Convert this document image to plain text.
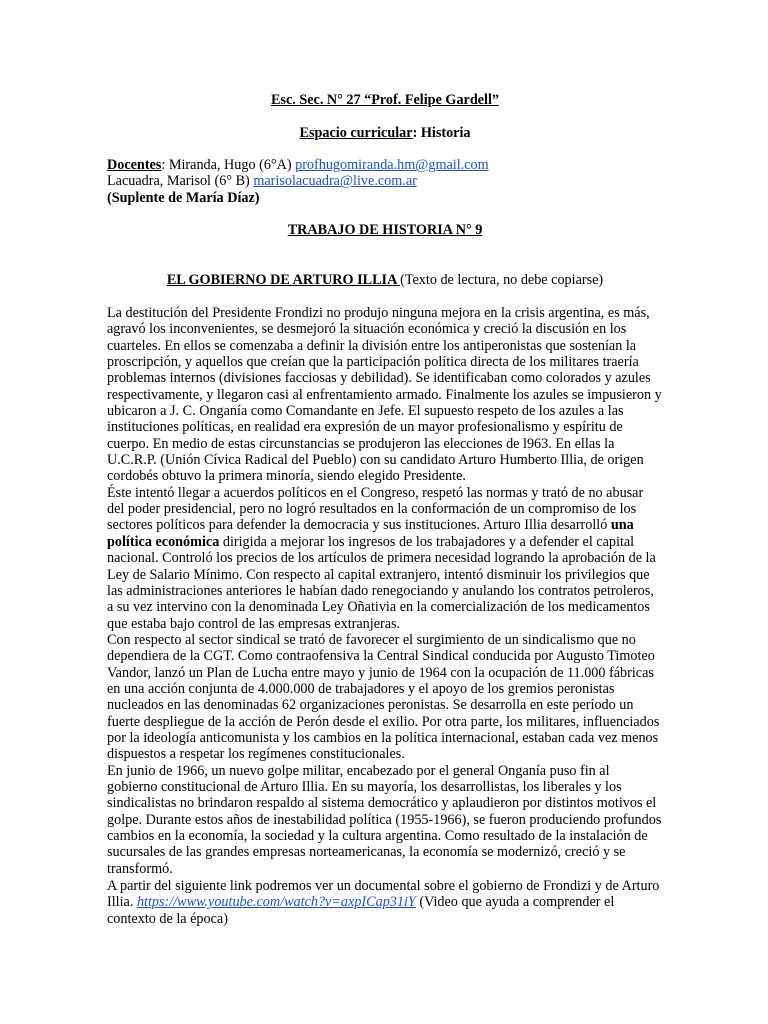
Esc. Sec. N° 27 “Prof. Felipe Gardell”
Espacio curricular: Historia
Docentes: Miranda, Hugo (6°A) profhugomiranda.hm@gmail.com
Lacuadra, Marisol (6° B) marisolacuadra@live.com.ar
(Suplente de María Díaz)
TRABAJO DE HISTORIA N° 9
EL GOBIERNO DE ARTURO ILLIA (Texto de lectura, no debe copiarse)
La destitución del Presidente Frondizi no produjo ninguna mejora en la crisis argentina, es más, agravó los inconvenientes, se desmejoró la situación económica y creció la discusión en los cuarteles. En ellos se comenzaba a definir la división entre los antiperonistas que sostenían la proscripción, y aquellos que creían que la participación política directa de los militares traería problemas internos (divisiones facciosas y debilidad). Se identificaban como colorados y azules respectivamente, y llegaron casi al enfrentamiento armado. Finalmente los azules se impusieron y ubicaron a J. C. Onganía como Comandante en Jefe. El supuesto respeto de los azules a las instituciones políticas, en realidad era expresión de un mayor profesionalismo y espíritu de cuerpo. En medio de estas circunstancias se produjeron las elecciones de l963. En ellas la U.C.R.P. (Unión Cívica Radical del Pueblo) con su candidato Arturo Humberto Illia, de origen cordobés obtuvo la primera minoría, siendo elegido Presidente.
Éste intentó llegar a acuerdos políticos en el Congreso, respetó las normas y trató de no abusar del poder presidencial, pero no logró resultados en la conformación de un compromiso de los sectores políticos para defender la democracia y sus instituciones. Arturo Illia desarrolló una política económica dirigida a mejorar los ingresos de los trabajadores y a defender el capital nacional. Controló los precios de los artículos de primera necesidad logrando la aprobación de la Ley de Salario Mínimo. Con respecto al capital extranjero, intentó disminuir los privilegios que las administraciones anteriores le habían dado renegociando y anulando los contratos petroleros, a su vez intervino con la denominada Ley Oñativia en la comercialización de los medicamentos que estaba bajo control de las empresas extranjeras.
Con respecto al sector sindical se trató de favorecer el surgimiento de un sindicalismo que no dependiera de la CGT. Como contraofensiva la Central Sindical conducida por Augusto Timoteo Vandor, lanzó un Plan de Lucha entre mayo y junio de 1964 con la ocupación de 11.000 fábricas en una acción conjunta de 4.000.000 de trabajadores y el apoyo de los gremios peronistas nucleados en las denominadas 62 organizaciones peronistas. Se desarrolla en este período un fuerte despliegue de la acción de Perón desde el exilio. Por otra parte, los militares, influenciados por la ideología anticomunista y los cambios en la política internacional, estaban cada vez menos dispuestos a respetar los regímenes constitucionales.
En junio de 1966, un nuevo golpe militar, encabezado por el general Onganía puso fin al gobierno constitucional de Arturo Illia. En su mayoría, los desarrollistas, los liberales y los sindicalistas no brindaron respaldo al sistema democrático y aplaudieron por distintos motivos el golpe. Durante estos años de inestabilidad política (1955-1966), se fueron produciendo profundos cambios en la economía, la sociedad y la cultura argentina. Como resultado de la instalación de sucursales de las grandes empresas norteamericanas, la economía se modernizó, creció y se transformó.
A partir del siguiente link podremos ver un documental sobre el gobierno de Frondizi y de Arturo Illia. https://www.youtube.com/watch?v=axpICap31iY (Video que ayuda a comprender el contexto de la época)
